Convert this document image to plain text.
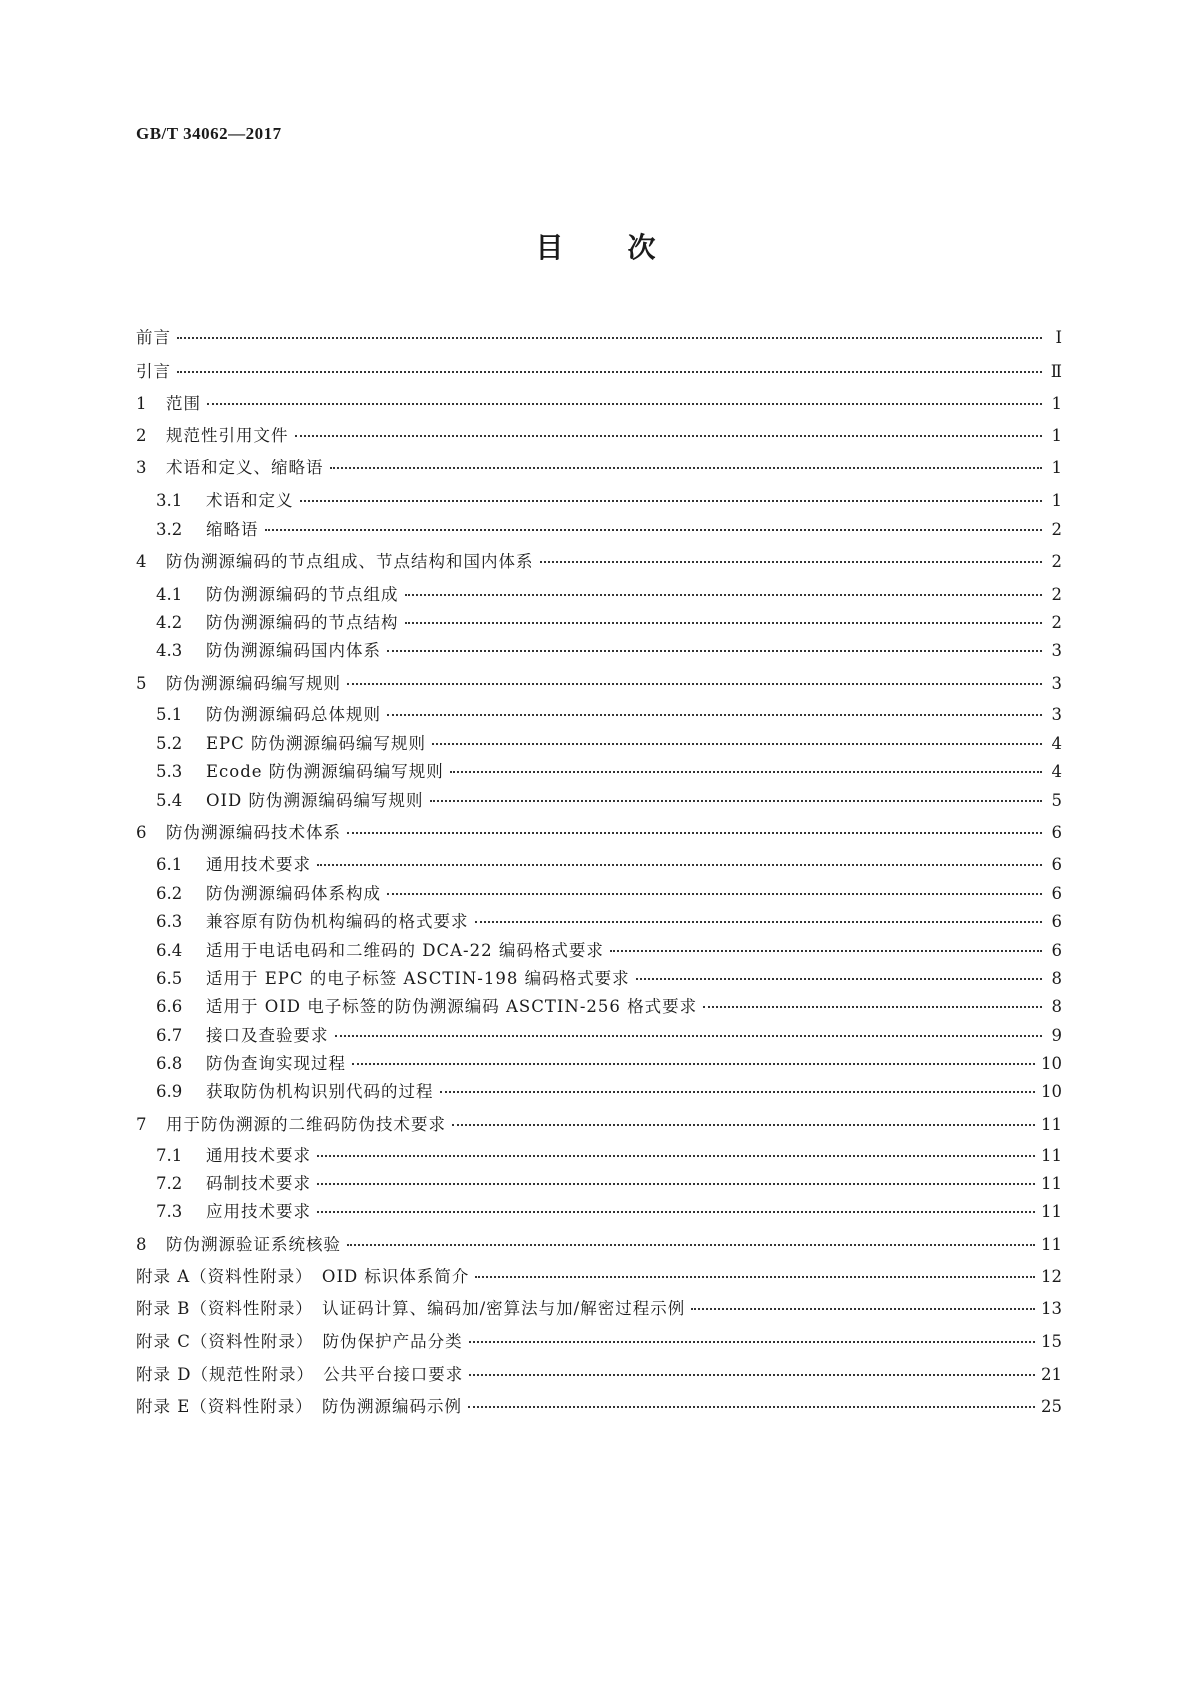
GB/T 34062—2017
目次
前言	Ⅰ
引言	Ⅱ
1	范围	1
2	规范性引用文件	1
3	术语和定义、缩略语	1
3.1	术语和定义	1
3.2	缩略语	2
4	防伪溯源编码的节点组成、节点结构和国内体系	2
4.1	防伪溯源编码的节点组成	2
4.2	防伪溯源编码的节点结构	2
4.3	防伪溯源编码国内体系	3
5	防伪溯源编码编写规则	3
5.1	防伪溯源编码总体规则	3
5.2	EPC 防伪溯源编码编写规则	4
5.3	Ecode 防伪溯源编码编写规则	4
5.4	OID 防伪溯源编码编写规则	5
6	防伪溯源编码技术体系	6
6.1	通用技术要求	6
6.2	防伪溯源编码体系构成	6
6.3	兼容原有防伪机构编码的格式要求	6
6.4	适用于电话电码和二维码的 DCA-22 编码格式要求	6
6.5	适用于 EPC 的电子标签 ASCTIN-198 编码格式要求	8
6.6	适用于 OID 电子标签的防伪溯源编码 ASCTIN-256 格式要求	8
6.7	接口及查验要求	9
6.8	防伪查询实现过程	10
6.9	获取防伪机构识别代码的过程	10
7	用于防伪溯源的二维码防伪技术要求	11
7.1	通用技术要求	11
7.2	码制技术要求	11
7.3	应用技术要求	11
8	防伪溯源验证系统核验	11
附录 A（资料性附录）　OID 标识体系简介	12
附录 B（资料性附录）　认证码计算、编码加/密算法与加/解密过程示例	13
附录 C（资料性附录）　防伪保护产品分类	15
附录 D（规范性附录）　公共平台接口要求	21
附录 E（资料性附录）　防伪溯源编码示例	25
